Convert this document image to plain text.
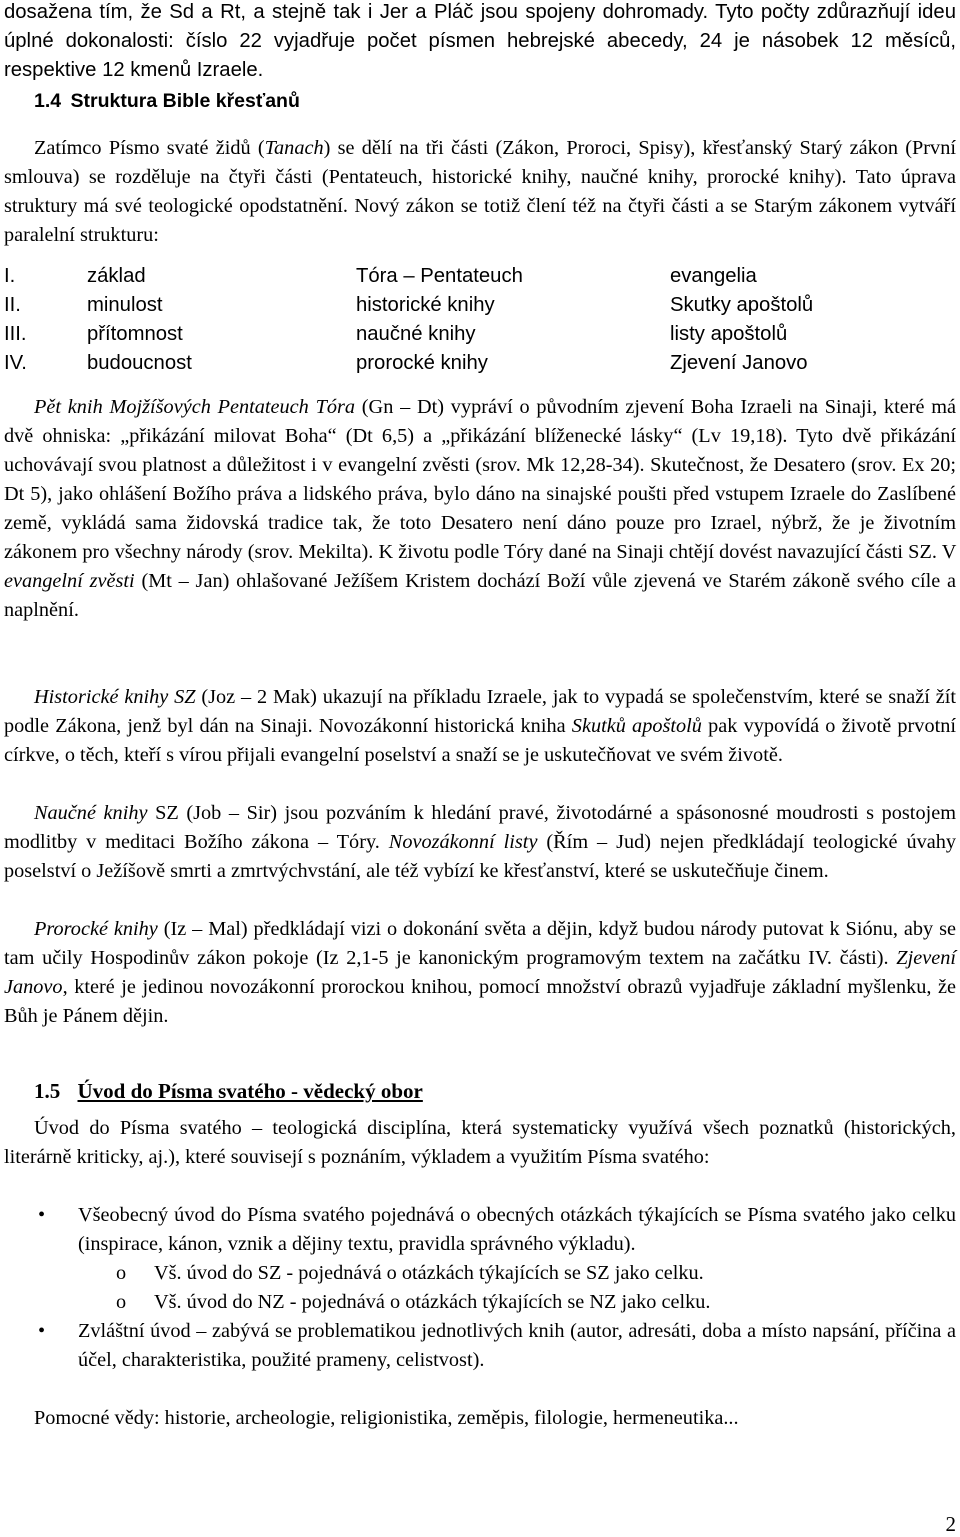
dosažena tím, že Sd a Rt, a stejně tak i Jer a Pláč jsou spojeny dohromady. Tyto počty zdůrazňují ideu úplné dokonalosti: číslo 22 vyjadřuje počet písmen hebrejské abecedy, 24 je násobek 12 měsíců, respektive 12 kmenů Izraele.

1.4 Struktura Bible křesťanů

Zatímco Písmo svaté židů (Tanach) se dělí na tři části (Zákon, Proroci, Spisy), křesťanský Starý zákon (První smlouva) se rozděluje na čtyři části (Pentateuch, historické knihy, naučné knihy, prorocké knihy). Tato úprava struktury má své teologické opodstatnění. Nový zákon se totiž člení též na čtyři části a se Starým zákonem vytváří paralelní strukturu:

I.	základ	Tóra – Pentateuch	evangelia
II.	minulost	historické knihy	Skutky apoštolů
III.	přítomnost	naučné knihy	listy apoštolů
IV.	budoucnost	prorocké knihy	Zjevení Janovo

Pět knih Mojžíšových Pentateuch Tóra (Gn – Dt) vypráví o původním zjevení Boha Izraeli na Sinaji, které má dvě ohniska: „přikázání milovat Boha“ (Dt 6,5) a „přikázání blíženecké lásky“ (Lv 19,18). Tyto dvě přikázání uchovávají svou platnost a důležitost i v evangelní zvěsti (srov. Mk 12,28-34). Skutečnost, že Desatero (srov. Ex 20; Dt 5), jako ohlášení Božího práva a lidského práva, bylo dáno na sinajské poušti před vstupem Izraele do Zaslíbené země, vykládá sama židovská tradice tak, že toto Desatero není dáno pouze pro Izrael, nýbrž, že je životním zákonem pro všechny národy (srov. Mekilta). K životu podle Tóry dané na Sinaji chtějí dovést navazující části SZ. V evangelní zvěsti (Mt – Jan) ohlašované Ježíšem Kristem dochází Boží vůle zjevená ve Starém zákoně svého cíle a naplnění.

Historické knihy SZ (Joz – 2 Mak) ukazují na příkladu Izraele, jak to vypadá se společenstvím, které se snaží žít podle Zákona, jenž byl dán na Sinaji. Novozákonní historická kniha Skutků apoštolů pak vypovídá o životě prvotní církve, o těch, kteří s vírou přijali evangelní poselství a snaží se je uskutečňovat ve svém životě.

Naučné knihy SZ (Job – Sir) jsou pozváním k hledání pravé, životodárné a spásonosné moudrosti s postojem modlitby v meditaci Božího zákona – Tóry. Novozákonní listy (Řím – Jud) nejen předkládají teologické úvahy poselství o Ježíšově smrti a zmrtvýchvstání, ale též vybízí ke křesťanství, které se uskutečňuje činem.

Prorocké knihy (Iz – Mal) předkládají vizi o dokonání světa a dějin, když budou národy putovat k Siónu, aby se tam učily Hospodinův zákon pokoje (Iz 2,1-5 je kanonickým programovým textem na začátku IV. části). Zjevení Janovo, které je jedinou novozákonní prorockou knihou, pomocí množství obrazů vyjadřuje základní myšlenku, že Bůh je Pánem dějin.

1.5 Úvod do Písma svatého - vědecký obor

Úvod do Písma svatého – teologická disciplína, která systematicky využívá všech poznatků (historických, literárně kriticky, aj.), které souvisejí s poznáním, výkladem a využitím Písma svatého:

• Všeobecný úvod do Písma svatého pojednává o obecných otázkách týkajících se Písma svatého jako celku (inspirace, kánon, vznik a dějiny textu, pravidla správného výkladu).
o Vš. úvod do SZ - pojednává o otázkách týkajících se SZ jako celku.
o Vš. úvod do NZ - pojednává o otázkách týkajících se NZ jako celku.
• Zvláštní úvod – zabývá se problematikou jednotlivých knih (autor, adresáti, doba a místo napsání, příčina a účel, charakteristika, použité prameny, celistvost).

Pomocné vědy: historie, archeologie, religionistika, zeměpis, filologie, hermeneutika...

2
